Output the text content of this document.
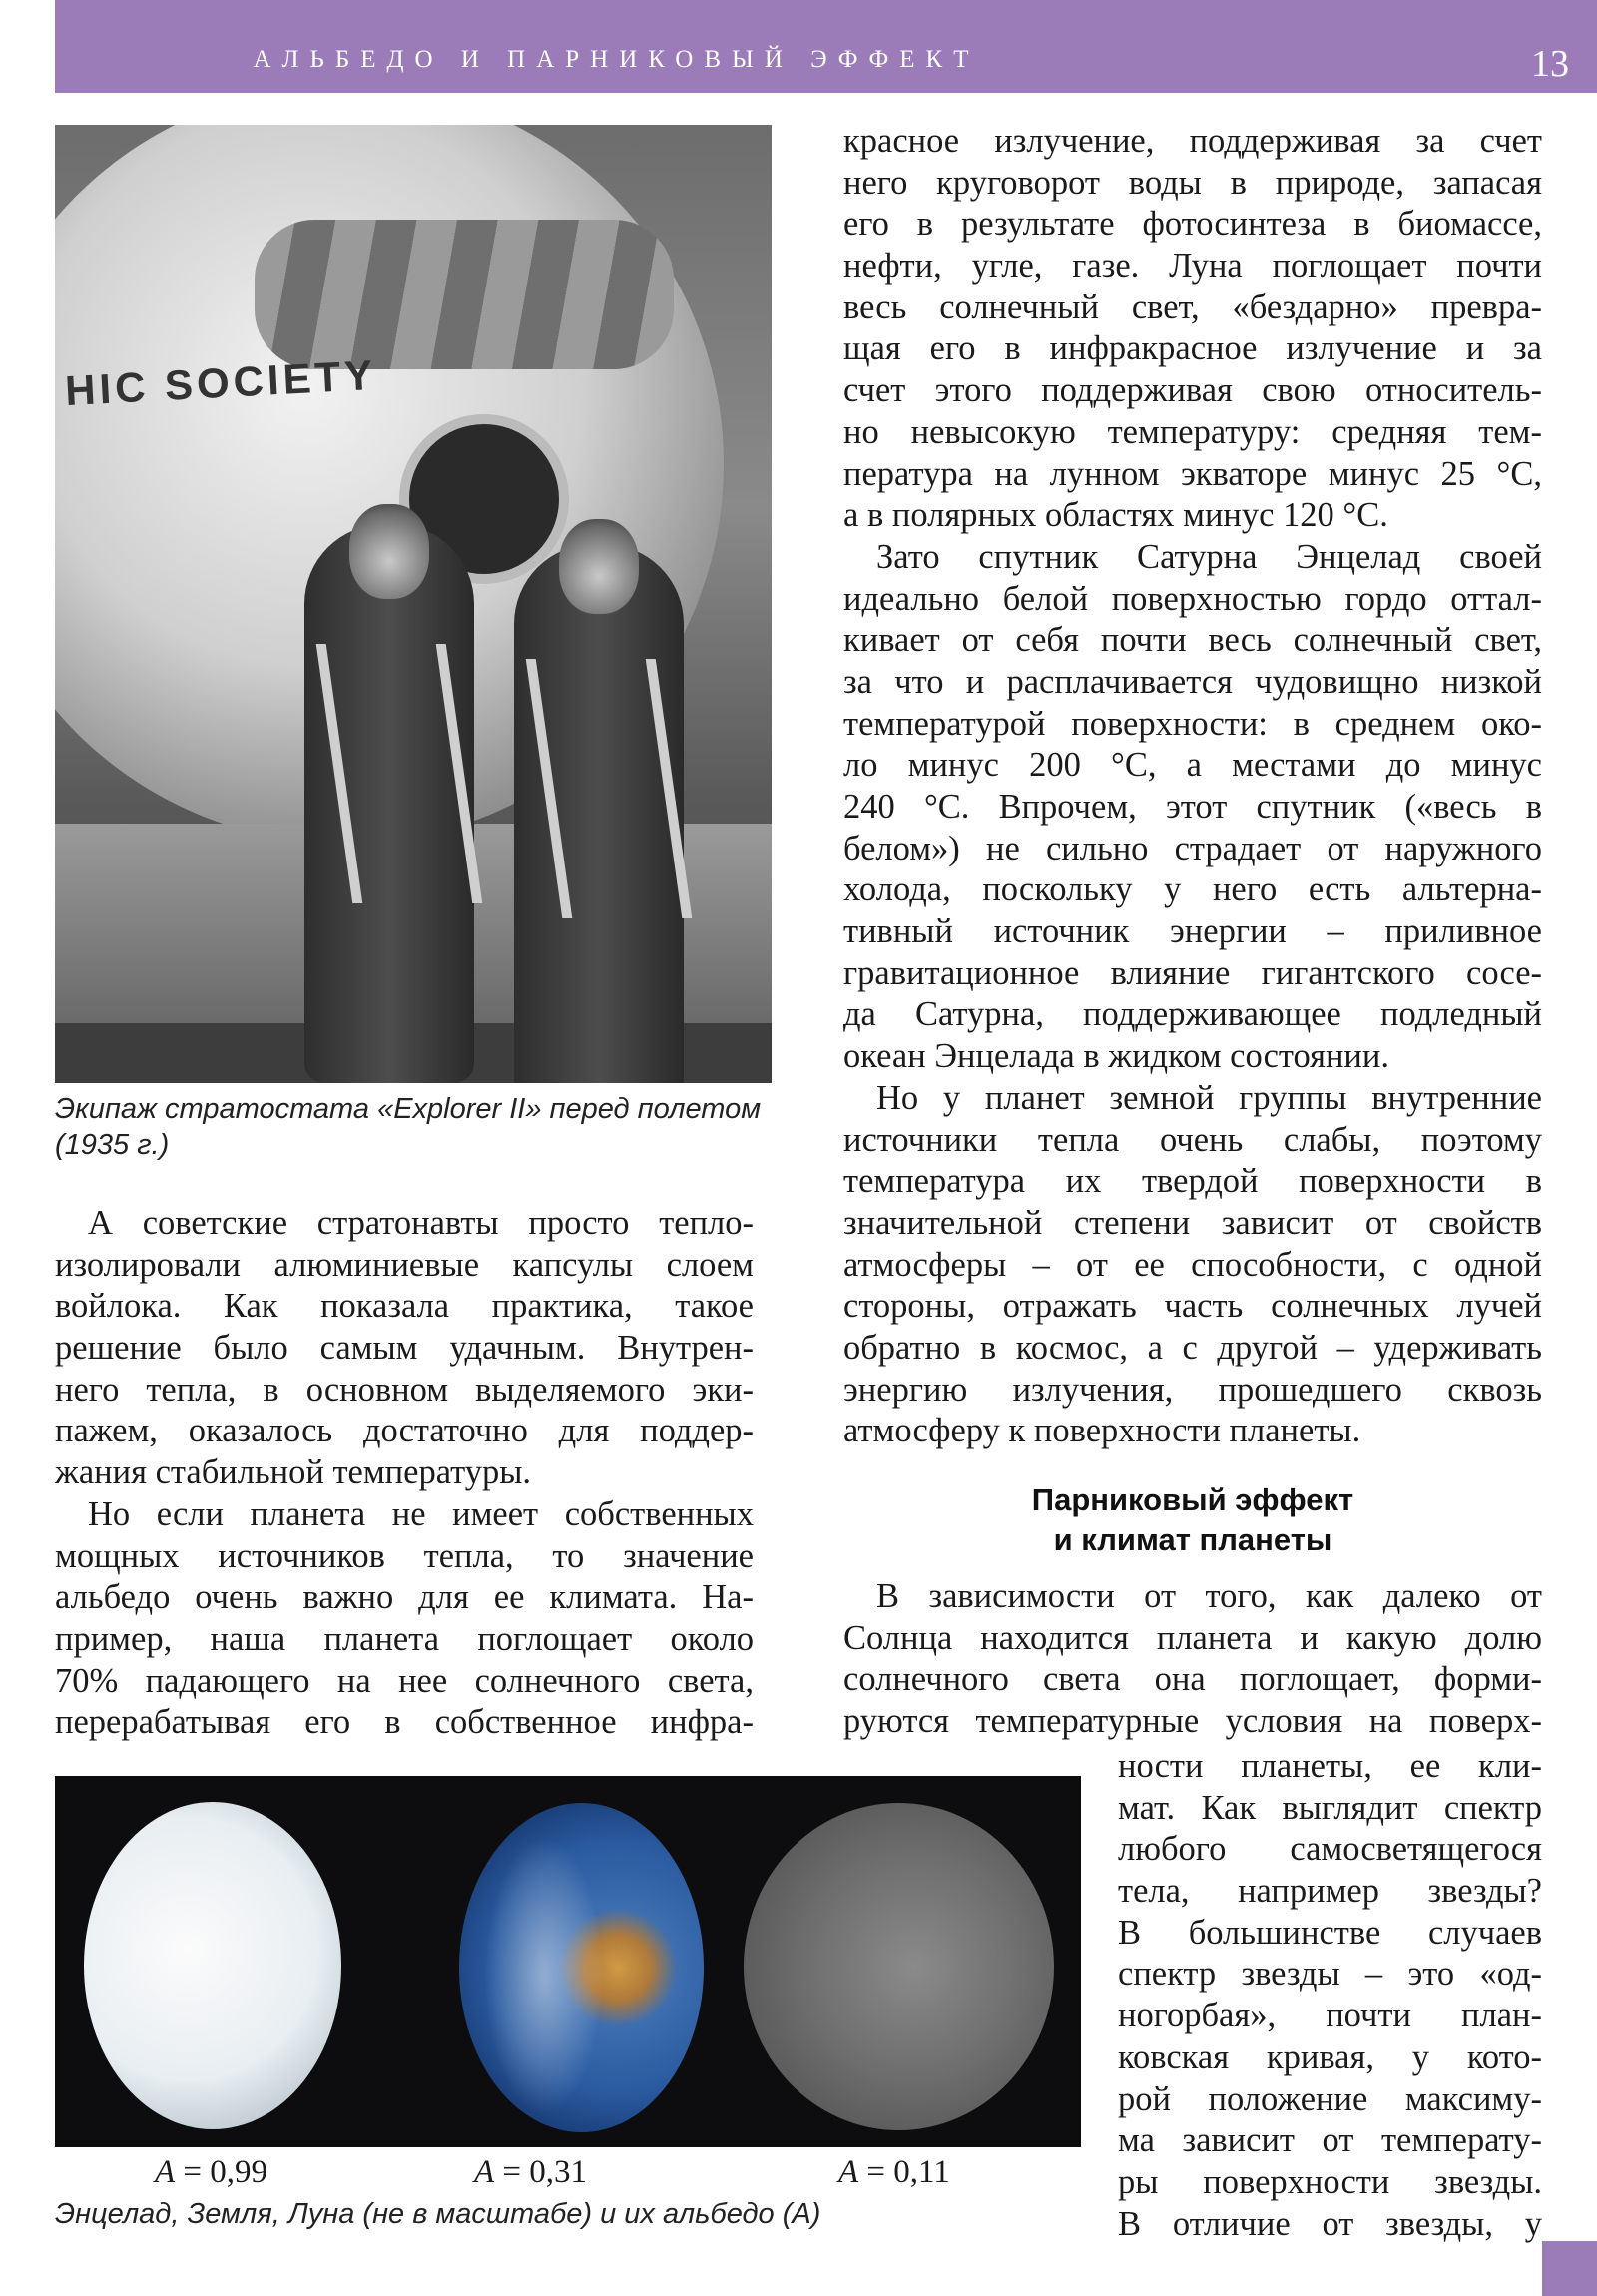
АЛЬБЕДО И ПАРНИКОВЫЙ ЭФФЕКТ	13
HIC SOCIETY
Экипаж стратостата «Explorer II» перед полетом
(1935 г.)
А советские стратонавты просто тепло-
изолировали алюминиевые капсулы слоем
войлока. Как показала практика, такое
решение было самым удачным. Внутрен-
него тепла, в основном выделяемого эки-
пажем, оказалось достаточно для поддер-
жания стабильной температуры.
Но если планета не имеет собственных
мощных источников тепла, то значение
альбедо очень важно для ее климата. На-
пример, наша планета поглощает около
70% падающего на нее солнечного света,
перерабатывая его в собственное инфра-
красное излучение, поддерживая за счет
него круговорот воды в природе, запасая
его в результате фотосинтеза в биомассе,
нефти, угле, газе. Луна поглощает почти
весь солнечный свет, «бездарно» превра-
щая его в инфракрасное излучение и за
счет этого поддерживая свою относитель-
но невысокую температуру: средняя тем-
пература на лунном экваторе минус 25 °C,
а в полярных областях минус 120 °C.
Зато спутник Сатурна Энцелад своей
идеально белой поверхностью гордо оттал-
кивает от себя почти весь солнечный свет,
за что и расплачивается чудовищно низкой
температурой поверхности: в среднем око-
ло минус 200 °C, а местами до минус
240 °C. Впрочем, этот спутник («весь в
белом») не сильно страдает от наружного
холода, поскольку у него есть альтерна-
тивный источник энергии – приливное
гравитационное влияние гигантского сосе-
да Сатурна, поддерживающее подледный
океан Энцелада в жидком состоянии.
Но у планет земной группы внутренние
источники тепла очень слабы, поэтому
температура их твердой поверхности в
значительной степени зависит от свойств
атмосферы – от ее способности, с одной
стороны, отражать часть солнечных лучей
обратно в космос, а с другой – удерживать
энергию излучения, прошедшего сквозь
атмосферу к поверхности планеты.
Парниковый эффект
и климат планеты
В зависимости от того, как далеко от
Солнца находится планета и какую долю
солнечного света она поглощает, форми-
руются температурные условия на поверх-
ности планеты, ее кли-
мат. Как выглядит спектр
любого самосветящегося
тела, например звезды?
В большинстве случаев
спектр звезды – это «од-
ногорбая», почти план-
ковская кривая, у кото-
рой положение максиму-
ма зависит от температу-
ры поверхности звезды.
В отличие от звезды, у
A = 0,99	A = 0,31	A = 0,11
Энцелад, Земля, Луна (не в масштабе) и их альбедо (A)
